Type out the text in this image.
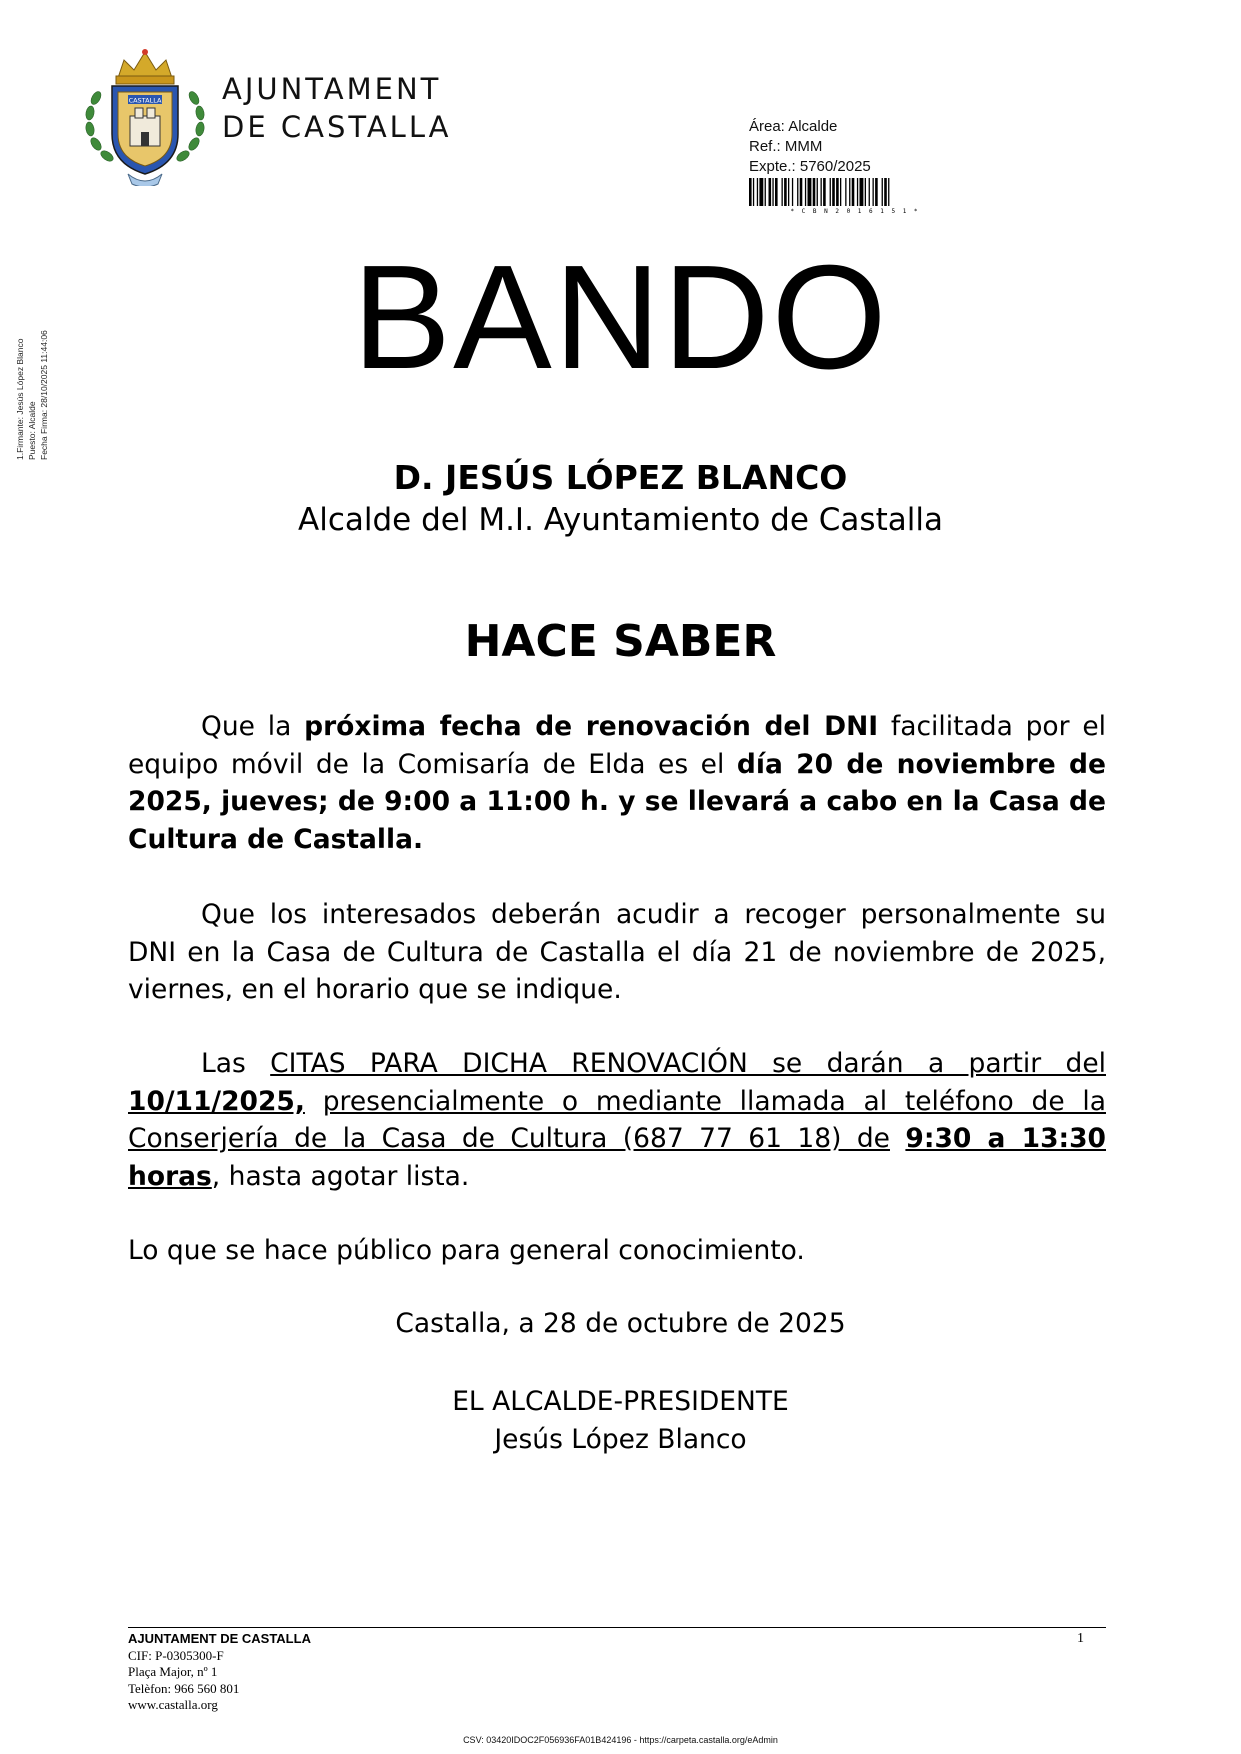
CASTALLA AJUNTAMENT
DE CASTALLA	Área: Alcalde
Ref.: MMM
Expte.: 5760/2025
* C B N 2 0 1 6 1 5 1 *
1.Firmante: Jesús López Blanco Puesto: Alcalde Fecha Firma: 28/10/2025 11:44:06	BANDO
D. JESÚS LÓPEZ BLANCO
Alcalde del M.I. Ayuntamiento de Castalla
HACE SABER
Que la próxima fecha de renovación del DNI facilitada por el equipo móvil de la Comisaría de Elda es el día 20 de noviembre de 2025, jueves; de 9:00 a 11:00 h. y se llevará a cabo en la Casa de Cultura de Castalla.
Que los interesados deberán acudir a recoger personalmente su DNI en la Casa de Cultura de Castalla el día 21 de noviembre de 2025, viernes, en el horario que se indique.
Las CITAS PARA DICHA RENOVACIÓN se darán a partir del 10/11/2025, presencialmente o mediante llamada al teléfono de la Conserjería de la Casa de Cultura (687 77 61 18) de 9:30 a 13:30 horas, hasta agotar lista.
Lo que se hace público para general conocimiento.
Castalla, a 28 de octubre de 2025
EL ALCALDE-PRESIDENTE
Jesús López Blanco
AJUNTAMENT DE CASTALLA
CIF: P-0305300-F
Plaça Major, nº 1
Telèfon: 966 560 801
www.castalla.org
1
CSV: 03420IDOC2F056936FA01B424196 - https://carpeta.castalla.org/eAdmin
